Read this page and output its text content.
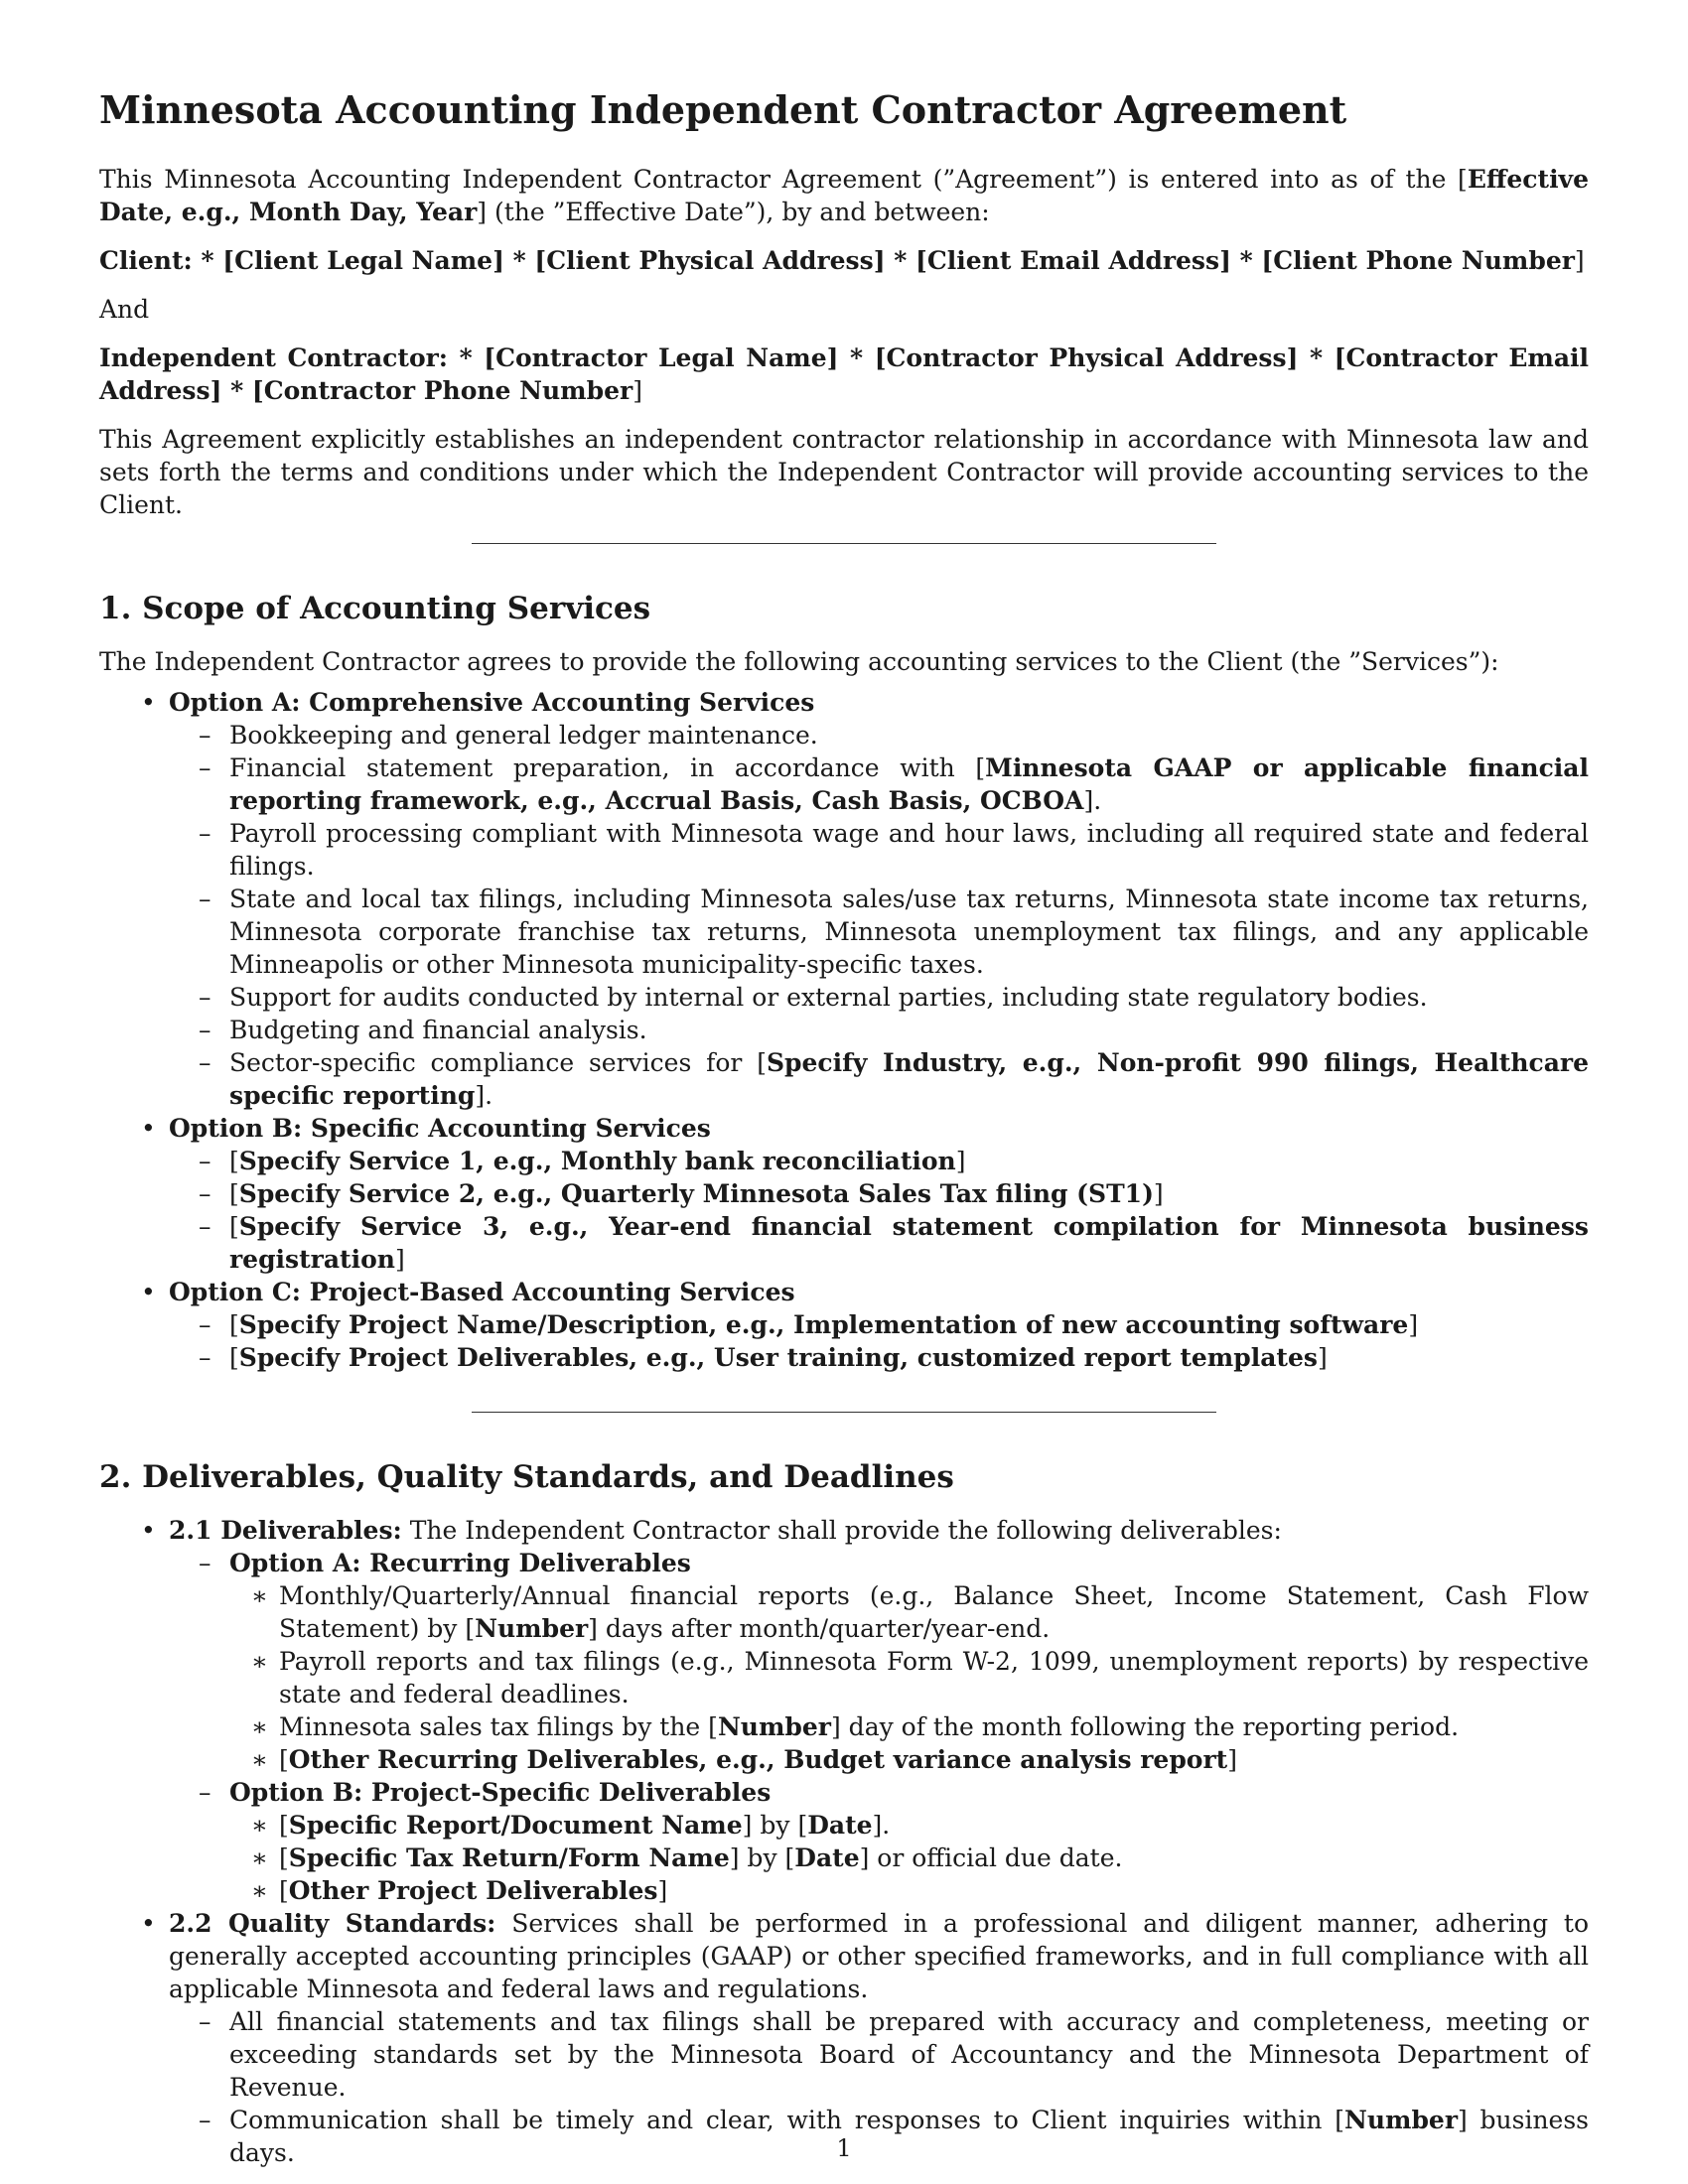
Minnesota Accounting Independent Contractor Agreement

This Minnesota Accounting Independent Contractor Agreement (”Agreement”) is entered into as of the [Effective Date, e.g., Month Day, Year] (the ”Effective Date”), by and between:

Client: * [Client Legal Name] * [Client Physical Address] * [Client Email Address] * [Client Phone Number]

And

Independent Contractor: * [Contractor Legal Name] * [Contractor Physical Address] * [Contractor Email Address] * [Contractor Phone Number]

This Agreement explicitly establishes an independent contractor relationship in accordance with Minnesota law and sets forth the terms and conditions under which the Independent Contractor will provide accounting services to the Client.

1. Scope of Accounting Services

The Independent Contractor agrees to provide the following accounting services to the Client (the ”Services”):

• Option A: Comprehensive Accounting Services
– Bookkeeping and general ledger maintenance.
– Financial statement preparation, in accordance with [Minnesota GAAP or applicable financial reporting framework, e.g., Accrual Basis, Cash Basis, OCBOA].
– Payroll processing compliant with Minnesota wage and hour laws, including all required state and federal filings.
– State and local tax filings, including Minnesota sales/use tax returns, Minnesota state income tax returns, Minnesota corporate franchise tax returns, Minnesota unemployment tax filings, and any applicable Minneapolis or other Minnesota municipality-specific taxes.
– Support for audits conducted by internal or external parties, including state regulatory bodies.
– Budgeting and financial analysis.
– Sector-specific compliance services for [Specify Industry, e.g., Non-profit 990 filings, Healthcare specific reporting].
• Option B: Specific Accounting Services
– [Specify Service 1, e.g., Monthly bank reconciliation]
– [Specify Service 2, e.g., Quarterly Minnesota Sales Tax filing (ST1)]
– [Specify Service 3, e.g., Year-end financial statement compilation for Minnesota business registration]
• Option C: Project-Based Accounting Services
– [Specify Project Name/Description, e.g., Implementation of new accounting software]
– [Specify Project Deliverables, e.g., User training, customized report templates]
2. Deliverables, Quality Standards, and Deadlines
• 2.1 Deliverables: The Independent Contractor shall provide the following deliverables:
– Option A: Recurring Deliverables
∗ Monthly/Quarterly/Annual financial reports (e.g., Balance Sheet, Income Statement, Cash Flow Statement) by [Number] days after month/quarter/year-end.
∗ Payroll reports and tax filings (e.g., Minnesota Form W-2, 1099, unemployment reports) by respective state and federal deadlines.
∗ Minnesota sales tax filings by the [Number] day of the month following the reporting period.
∗ [Other Recurring Deliverables, e.g., Budget variance analysis report]
– Option B: Project-Specific Deliverables
∗ [Specific Report/Document Name] by [Date].
∗ [Specific Tax Return/Form Name] by [Date] or official due date.
∗ [Other Project Deliverables]
• 2.2 Quality Standards: Services shall be performed in a professional and diligent manner, adhering to generally accepted accounting principles (GAAP) or other specified frameworks, and in full compliance with all applicable Minnesota and federal laws and regulations.
– All financial statements and tax filings shall be prepared with accuracy and completeness, meeting or exceeding standards set by the Minnesota Board of Accountancy and the Minnesota Department of Revenue.
– Communication shall be timely and clear, with responses to Client inquiries within [Number] business days.	1
